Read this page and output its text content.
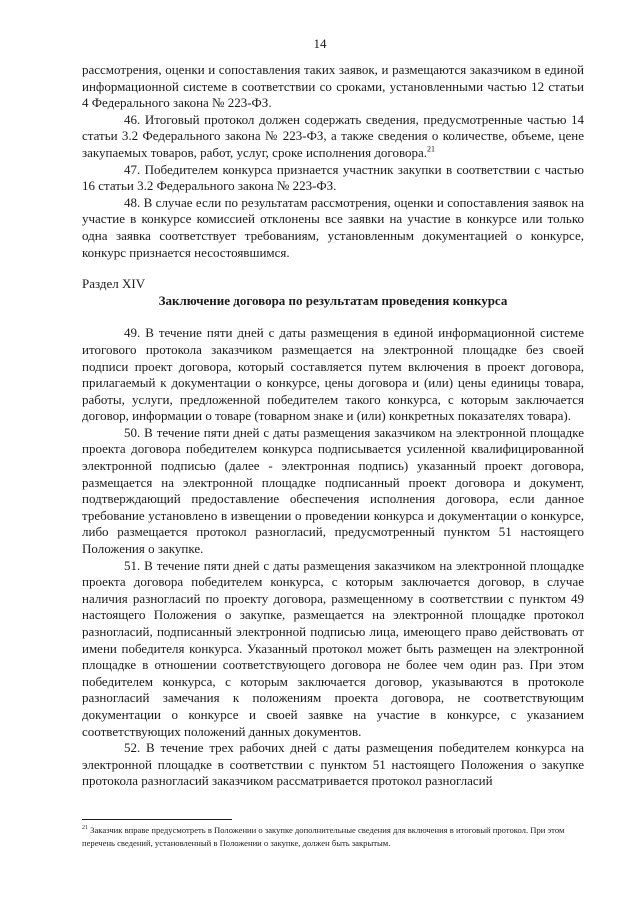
14

рассмотрения, оценки и сопоставления таких заявок, и размещаются заказчиком в единой информационной системе в соответствии со сроками, установленными частью 12 статьи 4 Федерального закона № 223-ФЗ.

46. Итоговый протокол должен содержать сведения, предусмотренные частью 14 статьи 3.2 Федерального закона № 223-ФЗ, а также сведения о количестве, объеме, цене закупаемых товаров, работ, услуг, сроке исполнения договора.$^{21}$

47. Победителем конкурса признается участник закупки в соответствии с частью 16 статьи 3.2 Федерального закона № 223-ФЗ.

48. В случае если по результатам рассмотрения, оценки и сопоставления заявок на участие в конкурсе комиссией отклонены все заявки на участие в конкурсе или только одна заявка соответствует требованиям, установленным документацией о конкурсе, конкурс признается несостоявшимся.

Раздел XIV

Заключение договора по результатам проведения конкурса

49. В течение пяти дней с даты размещения в единой информационной системе итогового протокола заказчиком размещается на электронной площадке без своей подписи проект договора, который составляется путем включения в проект договора, прилагаемый к документации о конкурсе, цены договора и (или) цены единицы товара, работы, услуги, предложенной победителем такого конкурса, с которым заключается договор, информации о товаре (товарном знаке и (или) конкретных показателях товара).

50. В течение пяти дней с даты размещения заказчиком на электронной площадке проекта договора победителем конкурса подписывается усиленной квалифицированной электронной подписью (далее - электронная подпись) указанный проект договора, размещается на электронной площадке подписанный проект договора и документ, подтверждающий предоставление обеспечения исполнения договора, если данное требование установлено в извещении о проведении конкурса и документации о конкурсе, либо размещается протокол разногласий, предусмотренный пунктом 51 настоящего Положения о закупке.

51. В течение пяти дней с даты размещения заказчиком на электронной площадке проекта договора победителем конкурса, с которым заключается договор, в случае наличия разногласий по проекту договора, размещенному в соответствии с пунктом 49 настоящего Положения о закупке, размещается на электронной площадке протокол разногласий, подписанный электронной подписью лица, имеющего право действовать от имени победителя конкурса. Указанный протокол может быть размещен на электронной площадке в отношении соответствующего договора не более чем один раз. При этом победителем конкурса, с которым заключается договор, указываются в протоколе разногласий замечания к положениям проекта договора, не соответствующим документации о конкурсе и своей заявке на участие в конкурсе, с указанием соответствующих положений данных документов.

52. В течение трех рабочих дней с даты размещения победителем конкурса на электронной площадке в соответствии с пунктом 51 настоящего Положения о закупке протокола разногласий заказчиком рассматривается протокол разногласий

$^{21}$ Заказчик вправе предусмотреть в Положении о закупке дополнительные сведения для включения в итоговый протокол. При этом перечень сведений, установленный в Положении о закупке, должен быть закрытым.
